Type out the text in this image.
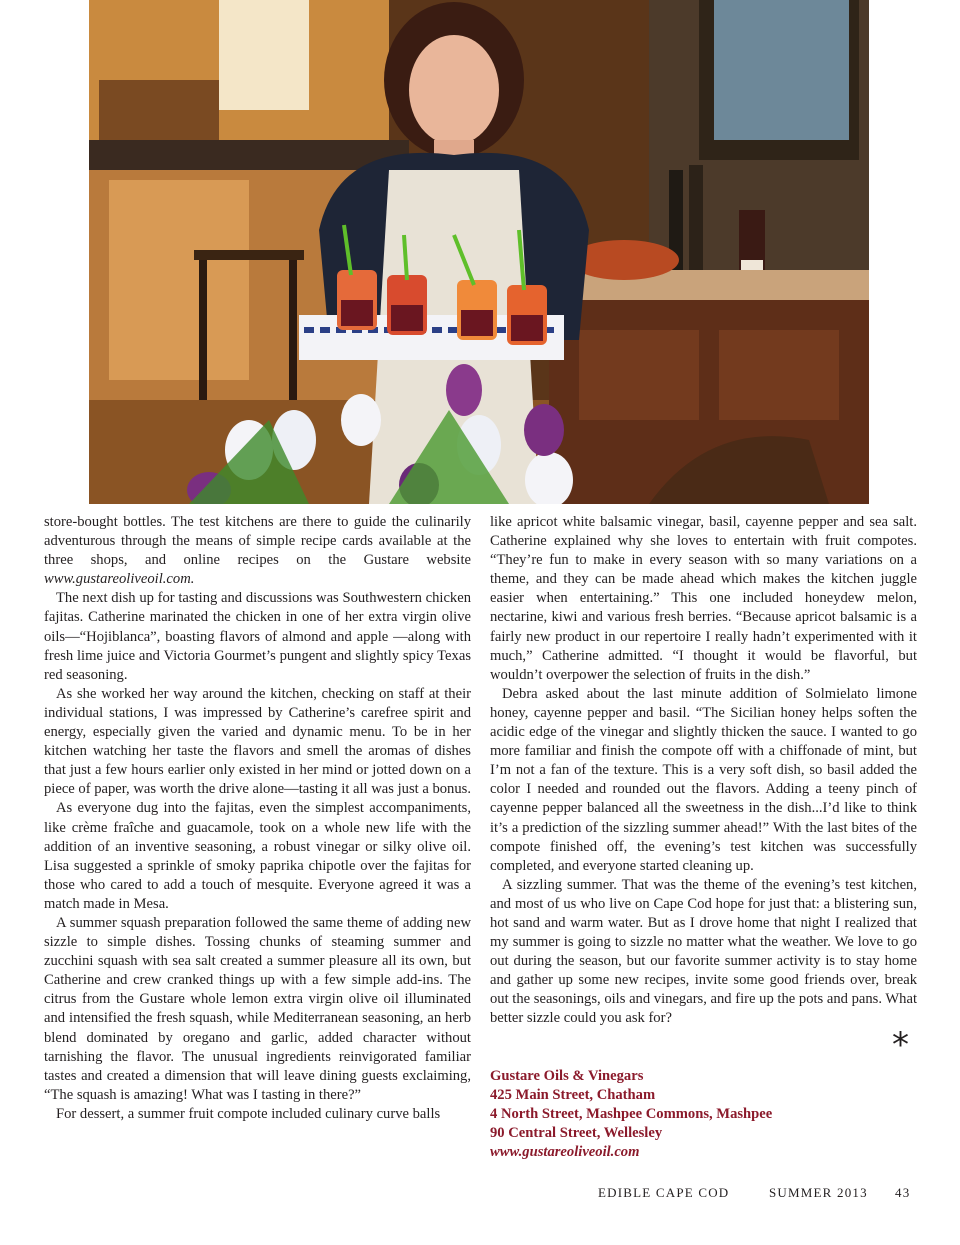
store-bought bottles. The test kitchens are there to guide the culinarily adventurous through the means of simple recipe cards available at the three shops, and online recipes on the Gustare website www.gustareoliveoil.com.

The next dish up for tasting and discussions was Southwestern chicken fajitas. Catherine marinated the chicken in one of her extra virgin olive oils—“Hojiblanca”, boasting flavors of almond and apple —along with fresh lime juice and Victoria Gourmet’s pungent and slightly spicy Texas red seasoning.

As she worked her way around the kitchen, checking on staff at their individual stations, I was impressed by Catherine’s carefree spirit and energy, especially given the varied and dynamic menu. To be in her kitchen watching her taste the flavors and smell the aromas of dishes that just a few hours earlier only existed in her mind or jotted down on a piece of paper, was worth the drive alone—tasting it all was just a bonus.

As everyone dug into the fajitas, even the simplest accompaniments, like crème fraîche and guacamole, took on a whole new life with the addition of an inventive seasoning, a robust vinegar or silky olive oil. Lisa suggested a sprinkle of smoky paprika chipotle over the fajitas for those who cared to add a touch of mesquite. Everyone agreed it was a match made in Mesa.

A summer squash preparation followed the same theme of adding new sizzle to simple dishes. Tossing chunks of steaming summer and zucchini squash with sea salt created a summer pleasure all its own, but Catherine and crew cranked things up with a few simple add-ins. The citrus from the Gustare whole lemon extra virgin olive oil illuminated and intensified the fresh squash, while Mediterranean seasoning, an herb blend dominated by oregano and garlic, added character without tarnishing the flavor. The unusual ingredients reinvigorated familiar tastes and created a dimension that will leave dining guests exclaiming, “The squash is amazing! What was I tasting in there?”

For dessert, a summer fruit compote included culinary curve balls

like apricot white balsamic vinegar, basil, cayenne pepper and sea salt. Catherine explained why she loves to entertain with fruit compotes. “They’re fun to make in every season with so many variations on a theme, and they can be made ahead which makes the kitchen juggle easier when entertaining.” This one included honeydew melon, nectarine, kiwi and various fresh berries. “Because apricot balsamic is a fairly new product in our repertoire I really hadn’t experimented with it much,” Catherine admitted. “I thought it would be flavorful, but wouldn’t overpower the selection of fruits in the dish.”

Debra asked about the last minute addition of Solmielato limone honey, cayenne pepper and basil. “The Sicilian honey helps soften the acidic edge of the vinegar and slightly thicken the sauce. I wanted to go more familiar and finish the compote off with a chiffonade of mint, but I’m not a fan of the texture. This is a very soft dish, so basil added the color I needed and rounded out the flavors. Adding a teeny pinch of cayenne pepper balanced all the sweetness in the dish...I’d like to think it’s a prediction of the sizzling summer ahead!” With the last bites of the compote finished off, the evening’s test kitchen was successfully completed, and everyone started cleaning up.

A sizzling summer. That was the theme of the evening’s test kitchen, and most of us who live on Cape Cod hope for just that: a blistering sun, hot sand and warm water. But as I drove home that night I realized that my summer is going to sizzle no matter what the weather. We love to go out during the season, but our favorite summer activity is to stay home and gather up some new recipes, invite some good friends over, break out the seasonings, oils and vinegars, and fire up the pots and pans. What better sizzle could you ask for?

*
Gustare Oils & Vinegars
425 Main Street, Chatham
4 North Street, Mashpee Commons, Mashpee
90 Central Street, Wellesley
www.gustareoliveoil.com
EDIBLE CAPE COD	SUMMER 2013	43
